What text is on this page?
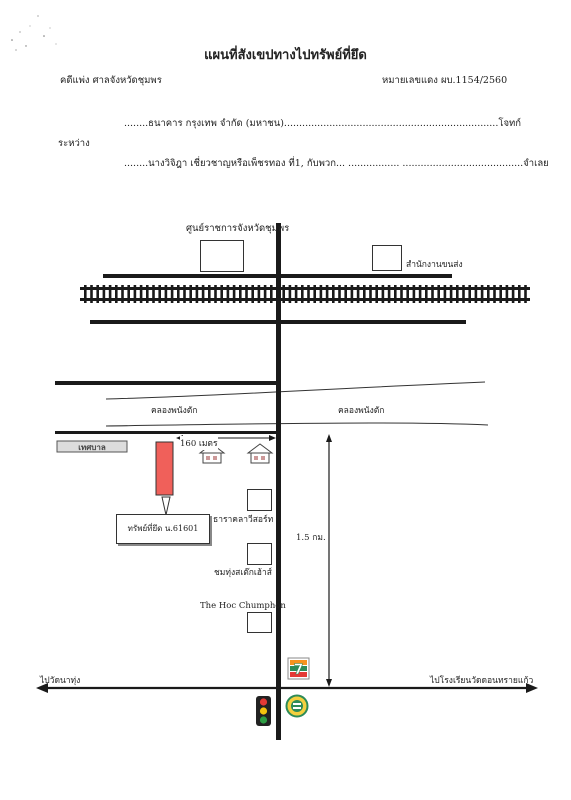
แผนที่สังเขปทางไปทรัพย์ที่ยึด
คดีแพ่ง ศาลจังหวัดชุมพร	หมายเลขแดง ผบ.1154/2560
........ธนาคาร กรุงเทพ จำกัด (มหาชน).......................................................................โจทก์
ระหว่าง
........นางวิจิฎา เชี่ยวชาญหรือเพ็ชรทอง ที่1, กับพวก... ................. ........................................จำเลย
เทศบาล
7
ศูนย์ราชการจังหวัดชุมพร
สำนักงานขนส่ง
คลองพนังตัก	คลองพนังตัก
160 เมตร
1.5 กม.
ทรัพย์ที่ยึด น.61601
ธาราคลาวีสอร์ท
ชมทุ่งสเต๊กเฮ้าส์
The Hoc Chumphon
ไปวัดนาทุ่ง	ไปโรงเรียนวัดดอนทรายแก้ว
